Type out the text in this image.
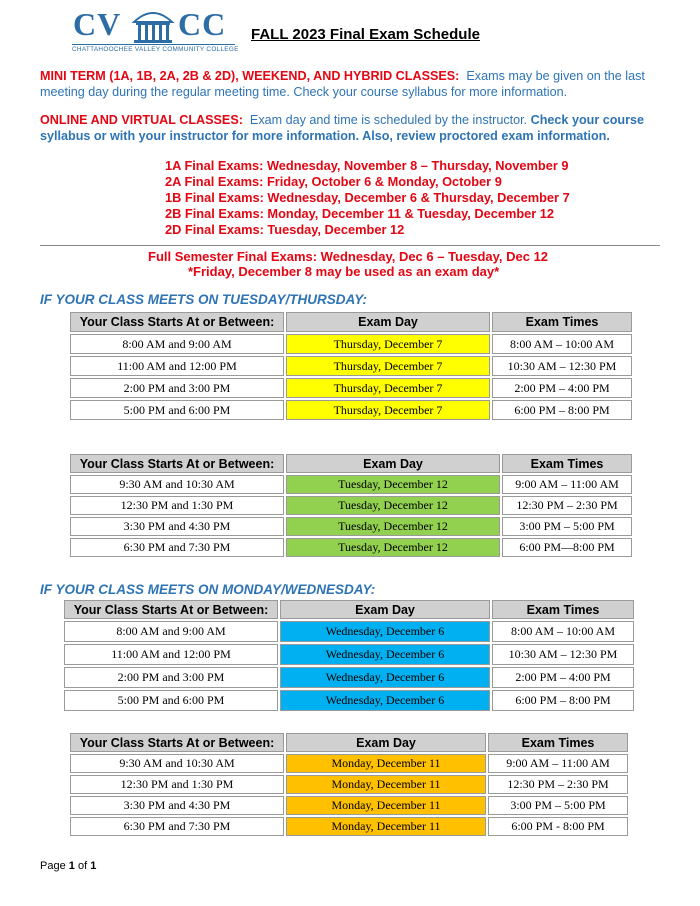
CV CC
CHATTAHOOCHEE VALLEY COMMUNITY COLLEGE
FALL 2023 Final Exam Schedule
MINI TERM (1A, 1B, 2A, 2B & 2D), WEEKEND, AND HYBRID CLASSES: Exams may be given on the last meeting day during the regular meeting time. Check your course syllabus for more information.
ONLINE AND VIRTUAL CLASSES: Exam day and time is scheduled by the instructor. Check your course syllabus or with your instructor for more information. Also, review proctored exam information.
1A Final Exams: Wednesday, November 8 – Thursday, November 9
2A Final Exams: Friday, October 6 & Monday, October 9
1B Final Exams: Wednesday, December 6 & Thursday, December 7
2B Final Exams: Monday, December 11 & Tuesday, December 12
2D Final Exams: Tuesday, December 12
Full Semester Final Exams: Wednesday, Dec 6 – Tuesday, Dec 12
*Friday, December 8 may be used as an exam day*
IF YOUR CLASS MEETS ON TUESDAY/THURSDAY:
Your Class Starts At or Between:	Exam Day	Exam Times
8:00 AM and 9:00 AM	Thursday, December 7	8:00 AM – 10:00 AM
11:00 AM and 12:00 PM	Thursday, December 7	10:30 AM – 12:30 PM
2:00 PM and 3:00 PM	Thursday, December 7	2:00 PM – 4:00 PM
5:00 PM and 6:00 PM	Thursday, December 7	6:00 PM – 8:00 PM
Your Class Starts At or Between:	Exam Day	Exam Times
9:30 AM and 10:30 AM	Tuesday, December 12	9:00 AM – 11:00 AM
12:30 PM and 1:30 PM	Tuesday, December 12	12:30 PM – 2:30 PM
3:30 PM and 4:30 PM	Tuesday, December 12	3:00 PM – 5:00 PM
6:30 PM and 7:30 PM	Tuesday, December 12	6:00 PM—8:00 PM
IF YOUR CLASS MEETS ON MONDAY/WEDNESDAY:
Your Class Starts At or Between:	Exam Day	Exam Times
8:00 AM and 9:00 AM	Wednesday, December 6	8:00 AM – 10:00 AM
11:00 AM and 12:00 PM	Wednesday, December 6	10:30 AM – 12:30 PM
2:00 PM and 3:00 PM	Wednesday, December 6	2:00 PM – 4:00 PM
5:00 PM and 6:00 PM	Wednesday, December 6	6:00 PM – 8:00 PM
Your Class Starts At or Between:	Exam Day	Exam Times
9:30 AM and 10:30 AM	Monday, December 11	9:00 AM – 11:00 AM
12:30 PM and 1:30 PM	Monday, December 11	12:30 PM – 2:30 PM
3:30 PM and 4:30 PM	Monday, December 11	3:00 PM – 5:00 PM
6:30 PM and 7:30 PM	Monday, December 11	6:00 PM - 8:00 PM
Page 1 of 1
